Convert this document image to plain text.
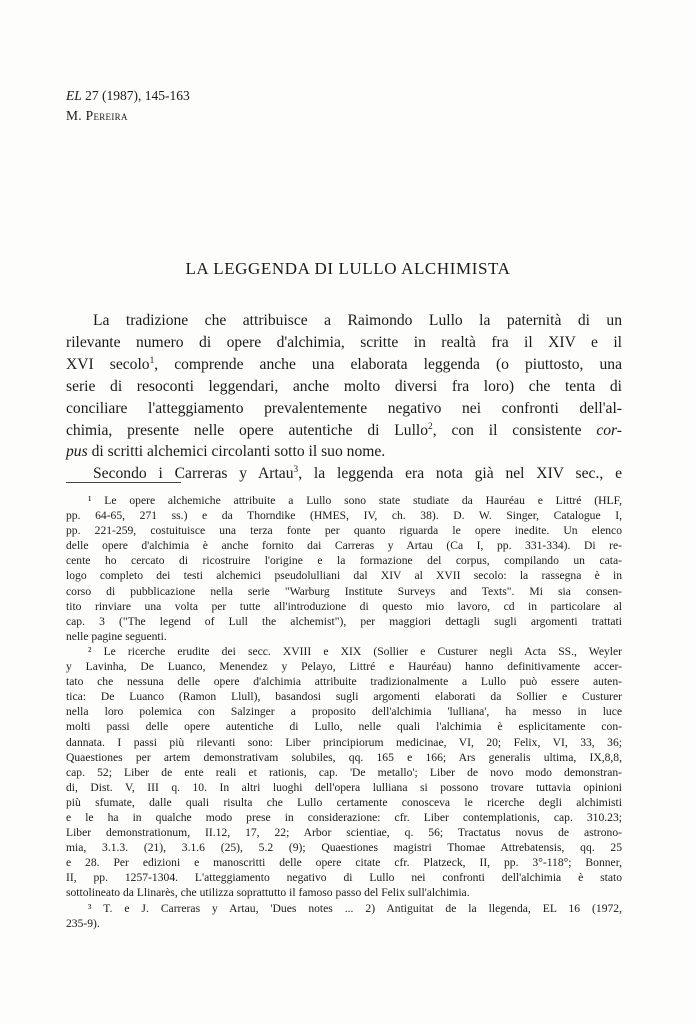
EL 27 (1987), 145-163
M. Pereira
LA LEGGENDA DI LULLO ALCHIMISTA
La tradizione che attribuisce a Raimondo Lullo la paternità di un
rilevante numero di opere d'alchimia, scritte in realtà fra il XIV e il
XVI secolo$^1$, comprende anche una elaborata leggenda (o piuttosto, una
serie di resoconti leggendari, anche molto diversi fra loro) che tenta di
conciliare l'atteggiamento prevalentemente negativo nei confronti dell'al-
chimia, presente nelle opere autentiche di Lullo$^2$, con il consistente cor-
pus di scritti alchemici circolanti sotto il suo nome.
Secondo i Carreras y Artau$^3$, la leggenda era nota già nel XIV sec., e
¹ Le opere alchemiche attribuite a Lullo sono state studiate da Hauréau e Littré (HLF,
pp. 64-65, 271 ss.) e da Thorndike (HMES, IV, ch. 38). D. W. Singer, Catalogue I,
pp. 221-259, costuituisce una terza fonte per quanto riguarda le opere inedite. Un elenco
delle opere d'alchimia è anche fornito dai Carreras y Artau (Ca I, pp. 331-334). Di re-
cente ho cercato di ricostruire l'origine e la formazione del corpus, compilando un cata-
logo completo dei testi alchemici pseudolulliani dal XIV al XVII secolo: la rassegna è in
corso di pubblicazione nella serie "Warburg Institute Surveys and Texts". Mi sia consen-
tito rinviare una volta per tutte all'introduzione di questo mio lavoro, cd in particolare al
cap. 3 ("The legend of Lull the alchemist"), per maggiori dettagli sugli argomenti trattati
nelle pagine seguenti.
² Le ricerche erudite dei secc. XVIII e XIX (Sollier e Custurer negli Acta SS., Weyler
y Lavinha, De Luanco, Menendez y Pelayo, Littré e Hauréau) hanno definitivamente accer-
tato che nessuna delle opere d'alchimia attribuite tradizionalmente a Lullo può essere auten-
tica: De Luanco (Ramon Llull), basandosi sugli argomenti elaborati da Sollier e Custurer
nella loro polemica con Salzinger a proposito dell'alchimia 'lulliana', ha messo in luce
molti passi delle opere autentiche di Lullo, nelle quali l'alchimia è esplicitamente con-
dannata. I passi più rilevanti sono: Liber principiorum medicinae, VI, 20; Felix, VI, 33, 36;
Quaestiones per artem demonstrativam solubiles, qq. 165 e 166; Ars generalis ultima, IX,8,8,
cap. 52; Liber de ente reali et rationis, cap. 'De metallo'; Liber de novo modo demonstran-
di, Dist. V, III q. 10. In altri luoghi dell'opera lulliana si possono trovare tuttavia opinioni
più sfumate, dalle quali risulta che Lullo certamente conosceva le ricerche degli alchimisti
e le ha in qualche modo prese in considerazione: cfr. Liber contemplationis, cap. 310.23;
Liber demonstrationum, II.12, 17, 22; Arbor scientiae, q. 56; Tractatus novus de astrono-
mia, 3.1.3. (21), 3.1.6 (25), 5.2 (9); Quaestiones magistri Thomae Attrebatensis, qq. 25
e 28. Per edizioni e manoscritti delle opere citate cfr. Platzeck, II, pp. 3°-118°; Bonner,
II, pp. 1257-1304. L'atteggiamento negativo di Lullo nei confronti dell'alchimia è stato
sottolineato da Llinarès, che utilizza soprattutto il famoso passo del Felix sull'alchimia.
³ T. e J. Carreras y Artau, 'Dues notes ... 2) Antiguitat de la llegenda, EL 16 (1972,
235-9).
